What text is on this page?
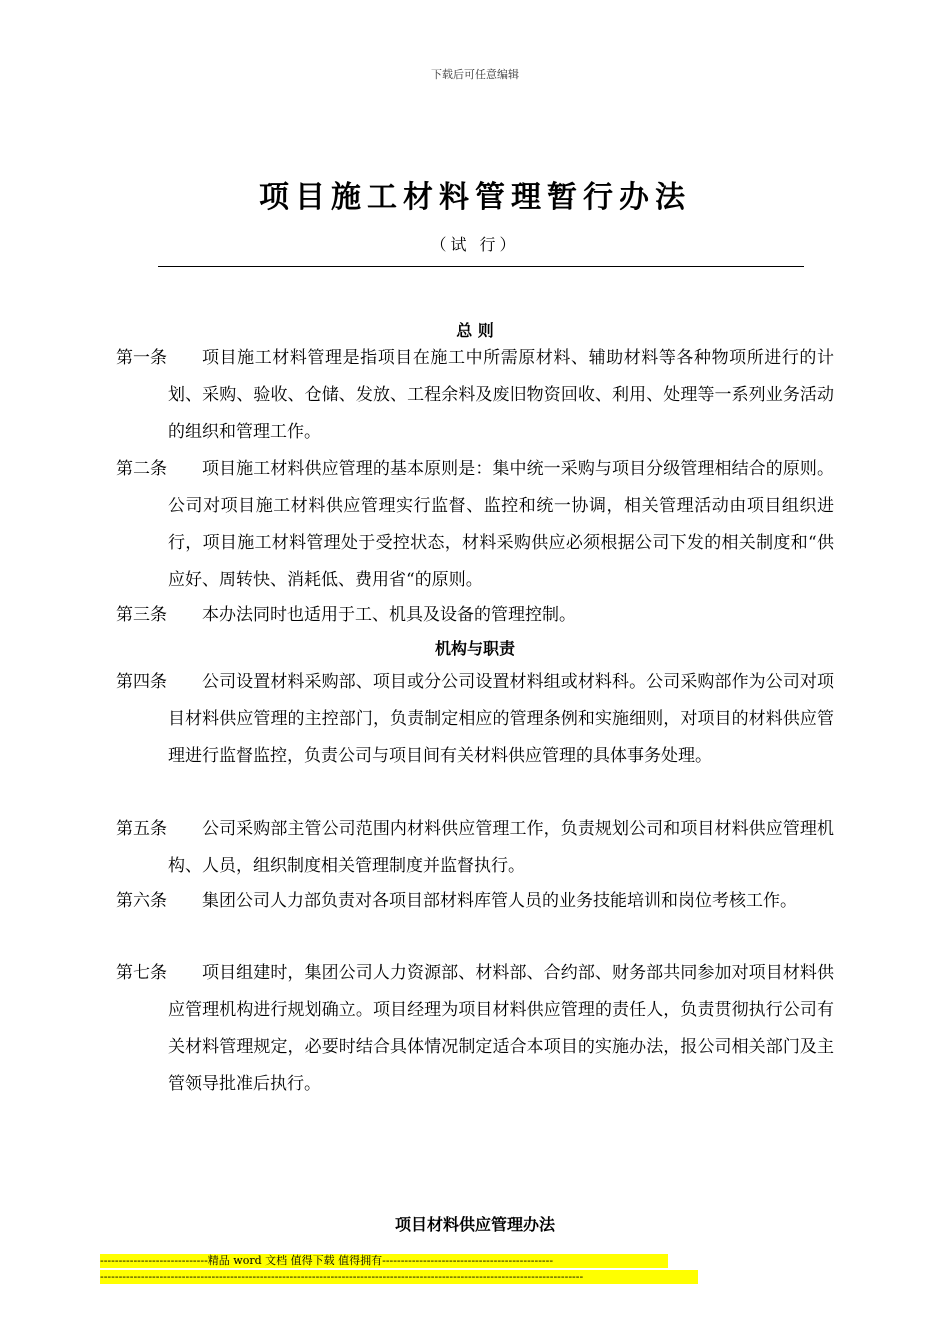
下载后可任意编辑
项目施工材料管理暂行办法
（试 行）
总 则
第一条	项目施工材料管理是指项目在施工中所需原材料、辅助材料等各种物项所进行的计划、采购、验收、仓储、发放、工程余料及废旧物资回收、利用、处理等一系列业务活动的组织和管理工作。
第二条	项目施工材料供应管理的基本原则是：集中统一采购与项目分级管理相结合的原则。公司对项目施工材料供应管理实行监督、监控和统一协调，相关管理活动由项目组织进行，项目施工材料管理处于受控状态，材料采购供应必须根据公司下发的相关制度和“供应好、周转快、消耗低、费用省“的原则。
第三条	本办法同时也适用于工、机具及设备的管理控制。
机构与职责
第四条	公司设置材料采购部、项目或分公司设置材料组或材料科。公司采购部作为公司对项目材料供应管理的主控部门，负责制定相应的管理条例和实施细则，对项目的材料供应管理进行监督监控，负责公司与项目间有关材料供应管理的具体事务处理。
第五条	公司采购部主管公司范围内材料供应管理工作，负责规划公司和项目材料供应管理机构、人员，组织制度相关管理制度并监督执行。
第六条	集团公司人力部负责对各项目部材料库管人员的业务技能培训和岗位考核工作。
第七条	项目组建时，集团公司人力资源部、材料部、合约部、财务部共同参加对项目材料供应管理机构进行规划确立。项目经理为项目材料供应管理的责任人，负责贯彻执行公司有关材料管理规定，必要时结合具体情况制定适合本项目的实施办法，报公司相关部门及主管领导批准后执行。
项目材料供应管理办法
-----------------------------精品 word 文档 值得下载 值得拥有----------------------------------------------
----------------------------------------------------------------------------------------------------------------------------------
